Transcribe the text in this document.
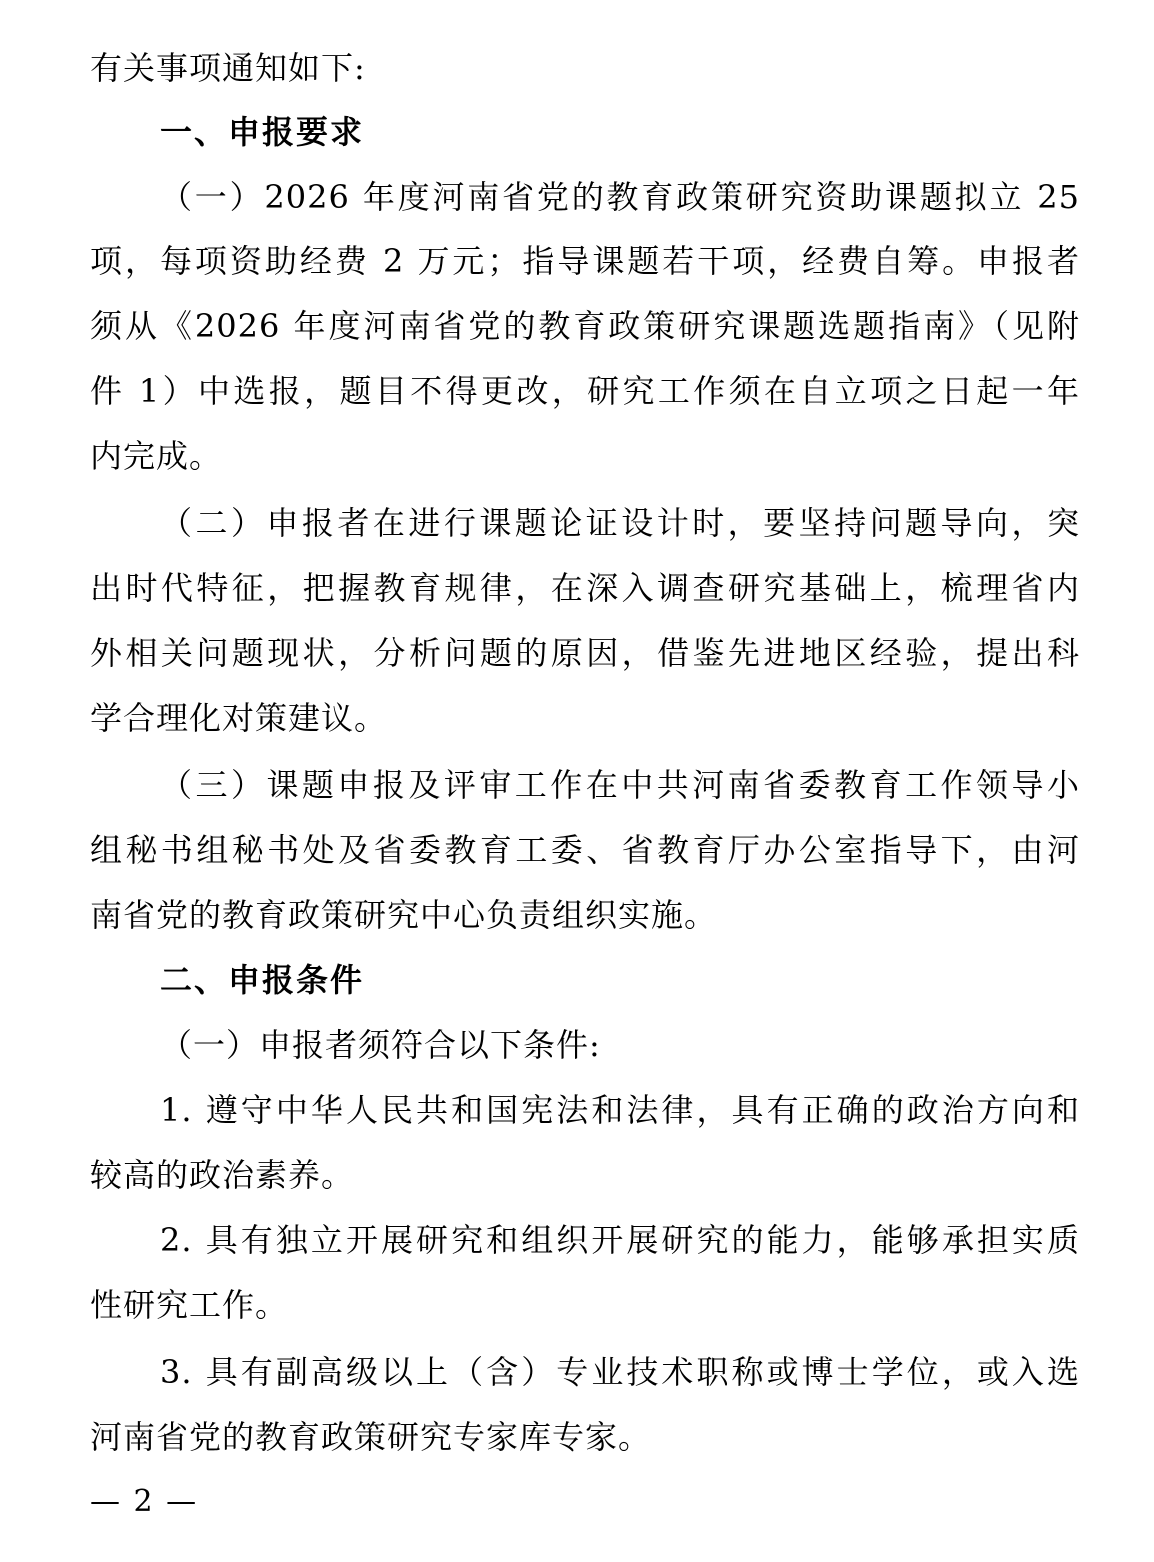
有关事项通知如下:
一、申报要求
（一）2026 年度河南省党的教育政策研究资助课题拟立 25
项，每项资助经费 2 万元；指导课题若干项，经费自筹。申报者
须从《2026 年度河南省党的教育政策研究课题选题指南》（见附
件 1）中选报，题目不得更改，研究工作须在自立项之日起一年
内完成。
（二）申报者在进行课题论证设计时，要坚持问题导向，突
出时代特征，把握教育规律，在深入调查研究基础上，梳理省内
外相关问题现状，分析问题的原因，借鉴先进地区经验，提出科
学合理化对策建议。
（三）课题申报及评审工作在中共河南省委教育工作领导小
组秘书组秘书处及省委教育工委、省教育厅办公室指导下，由河
南省党的教育政策研究中心负责组织实施。
二、申报条件
（一）申报者须符合以下条件:
1. 遵守中华人民共和国宪法和法律，具有正确的政治方向和
较高的政治素养。
2. 具有独立开展研究和组织开展研究的能力，能够承担实质
性研究工作。
3. 具有副高级以上（含）专业技术职称或博士学位，或入选
河南省党的教育政策研究专家库专家。
— 2 —
